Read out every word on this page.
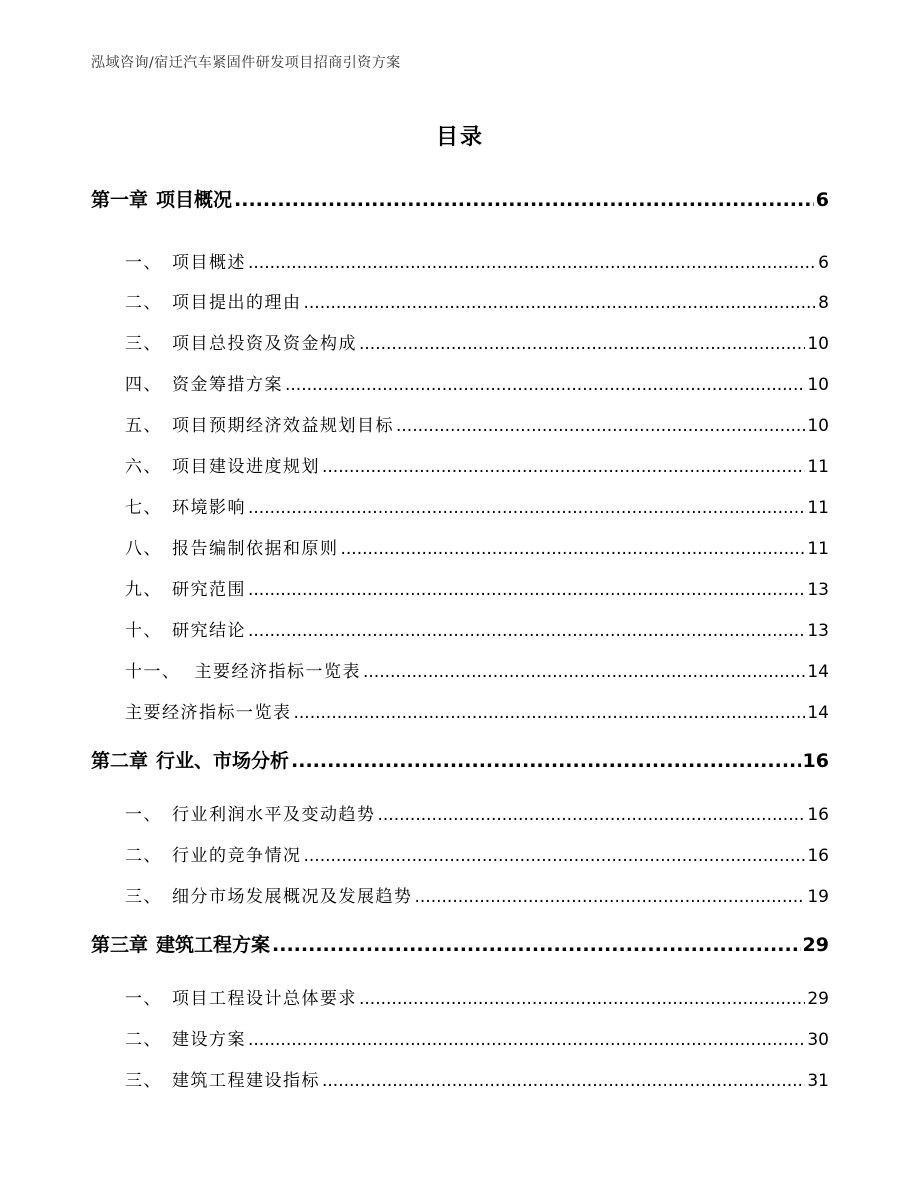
泓域咨询/宿迁汽车紧固件研发项目招商引资方案
目录
第一章 项目概况 .....	6
一、 项目概述 .....	6
二、 项目提出的理由 .....	8
三、 项目总投资及资金构成 .....	10
四、 资金筹措方案 .....	10
五、 项目预期经济效益规划目标 .....	10
六、 项目建设进度规划 .....	11
七、 环境影响 .....	11
八、 报告编制依据和原则 .....	11
九、 研究范围 .....	13
十、 研究结论 .....	13
十一、 主要经济指标一览表 .....	14
主要经济指标一览表 .....	14
第二章 行业、市场分析 .....	16
一、 行业利润水平及变动趋势 .....	16
二、 行业的竞争情况 .....	16
三、 细分市场发展概况及发展趋势 .....	19
第三章 建筑工程方案 .....	29
一、 项目工程设计总体要求 .....	29
二、 建设方案 .....	30
三、 建筑工程建设指标 .....	31
